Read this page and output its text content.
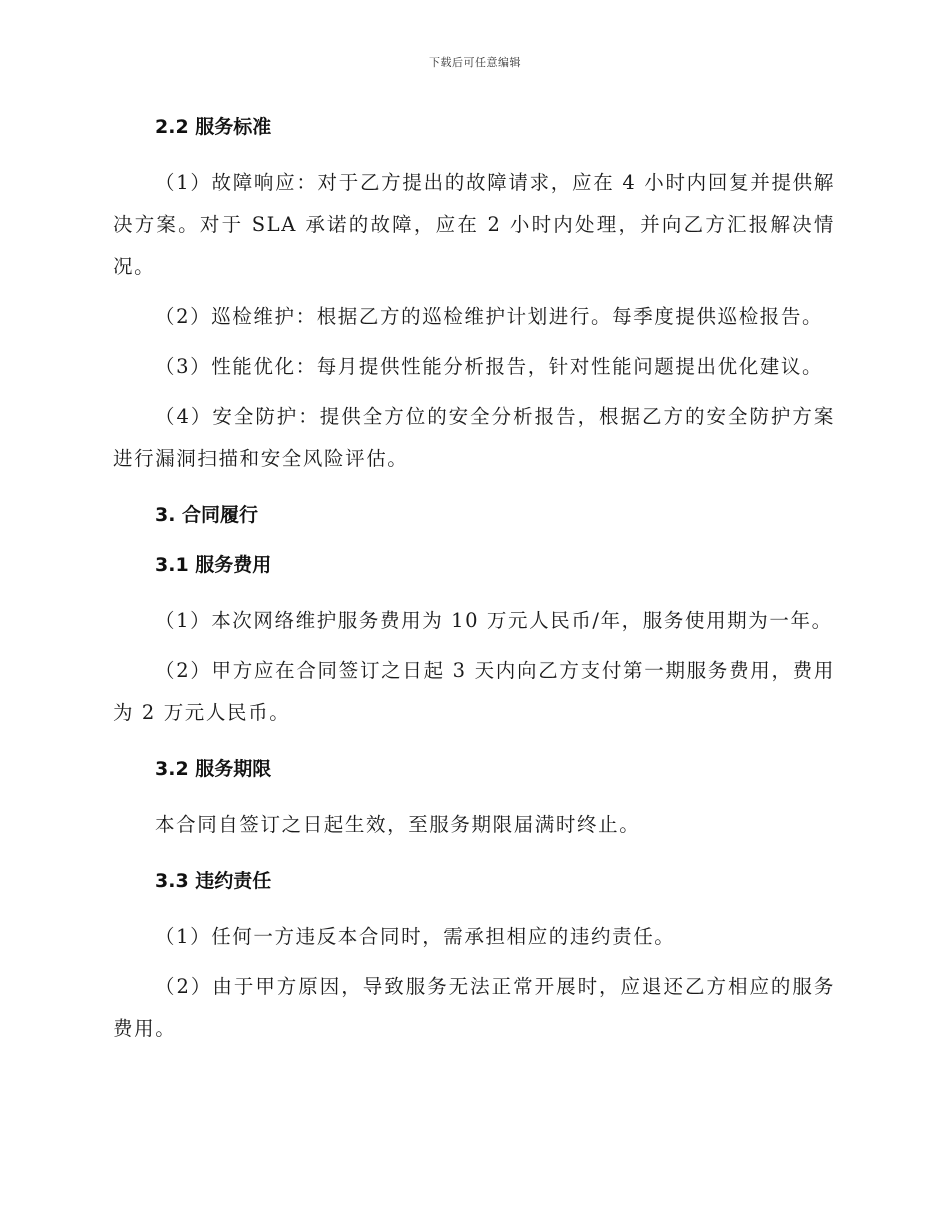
下载后可任意编辑
2.2 服务标准

（1）故障响应：对于乙方提出的故障请求，应在 4 小时内回复并提供解决方案。对于 SLA 承诺的故障，应在 2 小时内处理，并向乙方汇报解决情况。

（2）巡检维护：根据乙方的巡检维护计划进行。每季度提供巡检报告。

（3）性能优化：每月提供性能分析报告，针对性能问题提出优化建议。

（4）安全防护：提供全方位的安全分析报告，根据乙方的安全防护方案进行漏洞扫描和安全风险评估。

3. 合同履行
3.1 服务费用

（1）本次网络维护服务费用为 10 万元人民币/年，服务使用期为一年。

（2）甲方应在合同签订之日起 3 天内向乙方支付第一期服务费用，费用为 2 万元人民币。

3.2 服务期限

本合同自签订之日起生效，至服务期限届满时终止。

3.3 违约责任

（1）任何一方违反本合同时，需承担相应的违约责任。

（2）由于甲方原因，导致服务无法正常开展时，应退还乙方相应的服务费用。
